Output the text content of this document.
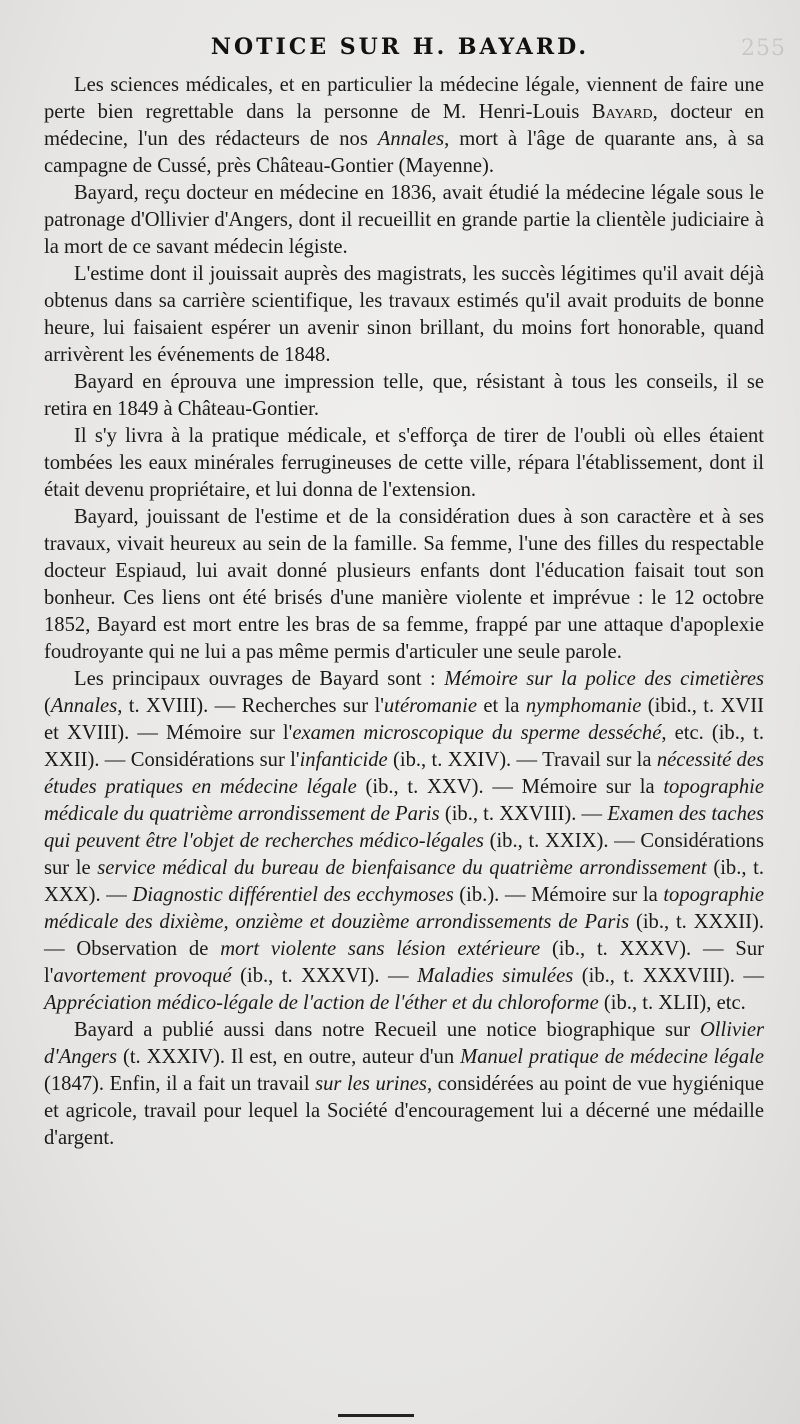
255
NOTICE SUR H. BAYARD.

Les sciences médicales, et en particulier la médecine légale, viennent de faire une perte bien regrettable dans la personne de M. Henri-Louis Bayard, docteur en médecine, l'un des rédacteurs de nos Annales, mort à l'âge de quarante ans, à sa campagne de Cussé, près Château-Gontier (Mayenne).

Bayard, reçu docteur en médecine en 1836, avait étudié la médecine légale sous le patronage d'Ollivier d'Angers, dont il recueillit en grande partie la clientèle judiciaire à la mort de ce savant médecin légiste.

L'estime dont il jouissait auprès des magistrats, les succès légitimes qu'il avait déjà obtenus dans sa carrière scientifique, les travaux estimés qu'il avait produits de bonne heure, lui faisaient espérer un avenir sinon brillant, du moins fort honorable, quand arrivèrent les événements de 1848.

Bayard en éprouva une impression telle, que, résistant à tous les conseils, il se retira en 1849 à Château-Gontier.

Il s'y livra à la pratique médicale, et s'efforça de tirer de l'oubli où elles étaient tombées les eaux minérales ferrugineuses de cette ville, répara l'établissement, dont il était devenu propriétaire, et lui donna de l'extension.

Bayard, jouissant de l'estime et de la considération dues à son caractère et à ses travaux, vivait heureux au sein de la famille. Sa femme, l'une des filles du respectable docteur Espiaud, lui avait donné plusieurs enfants dont l'éducation faisait tout son bonheur. Ces liens ont été brisés d'une manière violente et imprévue : le 12 octobre 1852, Bayard est mort entre les bras de sa femme, frappé par une attaque d'apoplexie foudroyante qui ne lui a pas même permis d'articuler une seule parole.

Les principaux ouvrages de Bayard sont : Mémoire sur la police des cimetières (Annales, t. XVIII). — Recherches sur l'utéromanie et la nymphomanie (ibid., t. XVII et XVIII). — Mémoire sur l'examen microscopique du sperme desséché, etc. (ib., t. XXII). — Considérations sur l'infanticide (ib., t. XXIV). — Travail sur la nécessité des études pratiques en médecine légale (ib., t. XXV). — Mémoire sur la topographie médicale du quatrième arrondissement de Paris (ib., t. XXVIII). — Examen des taches qui peuvent être l'objet de recherches médico-légales (ib., t. XXIX). — Considérations sur le service médical du bureau de bienfaisance du quatrième arrondissement (ib., t. XXX). — Diagnostic différentiel des ecchymoses (ib.). — Mémoire sur la topographie médicale des dixième, onzième et douzième arrondissements de Paris (ib., t. XXXII). — Observation de mort violente sans lésion extérieure (ib., t. XXXV). — Sur l'avortement provoqué (ib., t. XXXVI). — Maladies simulées (ib., t. XXXVIII). — Appréciation médico-légale de l'action de l'éther et du chloroforme (ib., t. XLII), etc.

Bayard a publié aussi dans notre Recueil une notice biographique sur Ollivier d'Angers (t. XXXIV). Il est, en outre, auteur d'un Manuel pratique de médecine légale (1847). Enfin, il a fait un travail sur les urines, considérées au point de vue hygiénique et agricole, travail pour lequel la Société d'encouragement lui a décerné une médaille d'argent.
